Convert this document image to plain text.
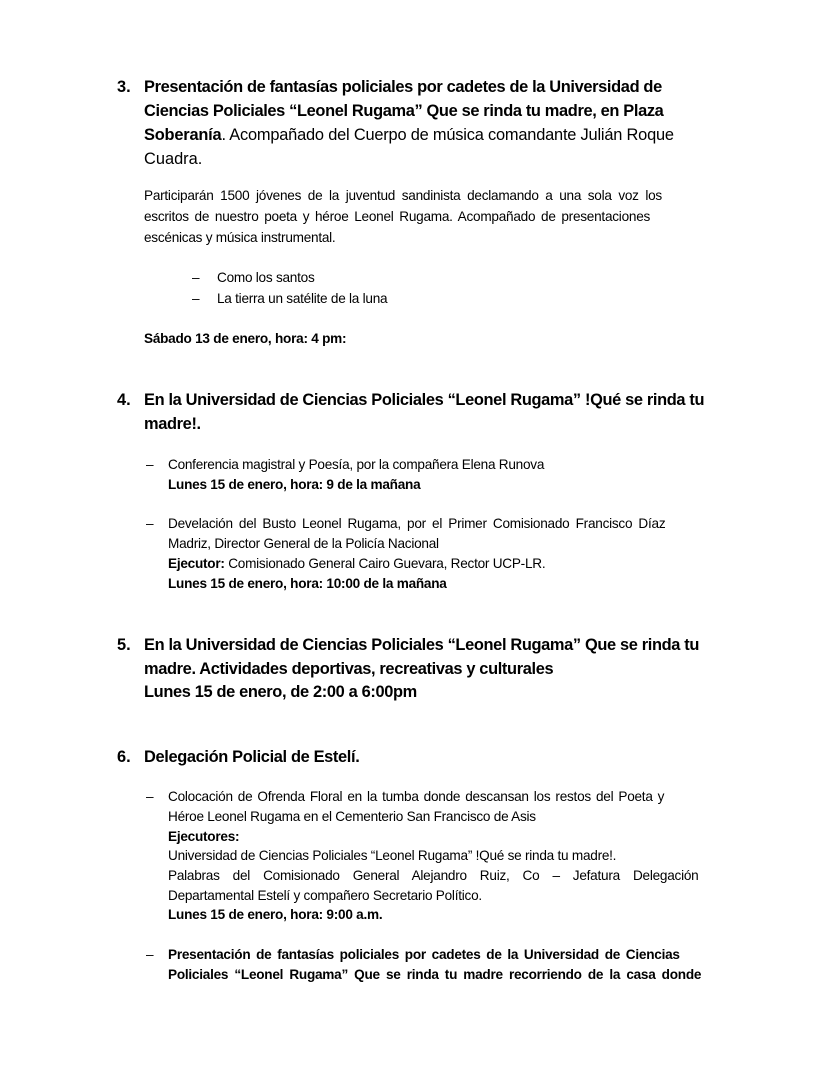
3. Presentación de fantasías policiales por cadetes de la Universidad de
Ciencias Policiales “Leonel Rugama” Que se rinda tu madre, en Plaza
Soberanía. Acompañado del Cuerpo de música comandante Julián Roque
Cuadra.
Participarán 1500 jóvenes de la juventud sandinista declamando a una sola voz los
escritos de nuestro poeta y héroe Leonel Rugama. Acompañado de presentaciones
escénicas y música instrumental.
– Como los santos
– La tierra un satélite de la luna
Sábado 13 de enero, hora: 4 pm:
4. En la Universidad de Ciencias Policiales “Leonel Rugama” !Qué se rinda tu
madre!.
– Conferencia magistral y Poesía, por la compañera Elena Runova
Lunes 15 de enero, hora: 9 de la mañana
– Develación del Busto Leonel Rugama, por el Primer Comisionado Francisco Díaz
Madriz, Director General de la Policía Nacional
Ejecutor: Comisionado General Cairo Guevara, Rector UCP-LR.
Lunes 15 de enero, hora: 10:00 de la mañana
5. En la Universidad de Ciencias Policiales “Leonel Rugama” Que se rinda tu
madre. Actividades deportivas, recreativas y culturales
Lunes 15 de enero, de 2:00 a 6:00pm
6. Delegación Policial de Estelí.
– Colocación de Ofrenda Floral en la tumba donde descansan los restos del Poeta y
Héroe Leonel Rugama en el Cementerio San Francisco de Asis
Ejecutores:
Universidad de Ciencias Policiales “Leonel Rugama” !Qué se rinda tu madre!.
Palabras del Comisionado General Alejandro Ruiz, Co – Jefatura Delegación
Departamental Estelí y compañero Secretario Político.
Lunes 15 de enero, hora: 9:00 a.m.
– Presentación de fantasías policiales por cadetes de la Universidad de Ciencias
Policiales “Leonel Rugama” Que se rinda tu madre recorriendo de la casa donde
